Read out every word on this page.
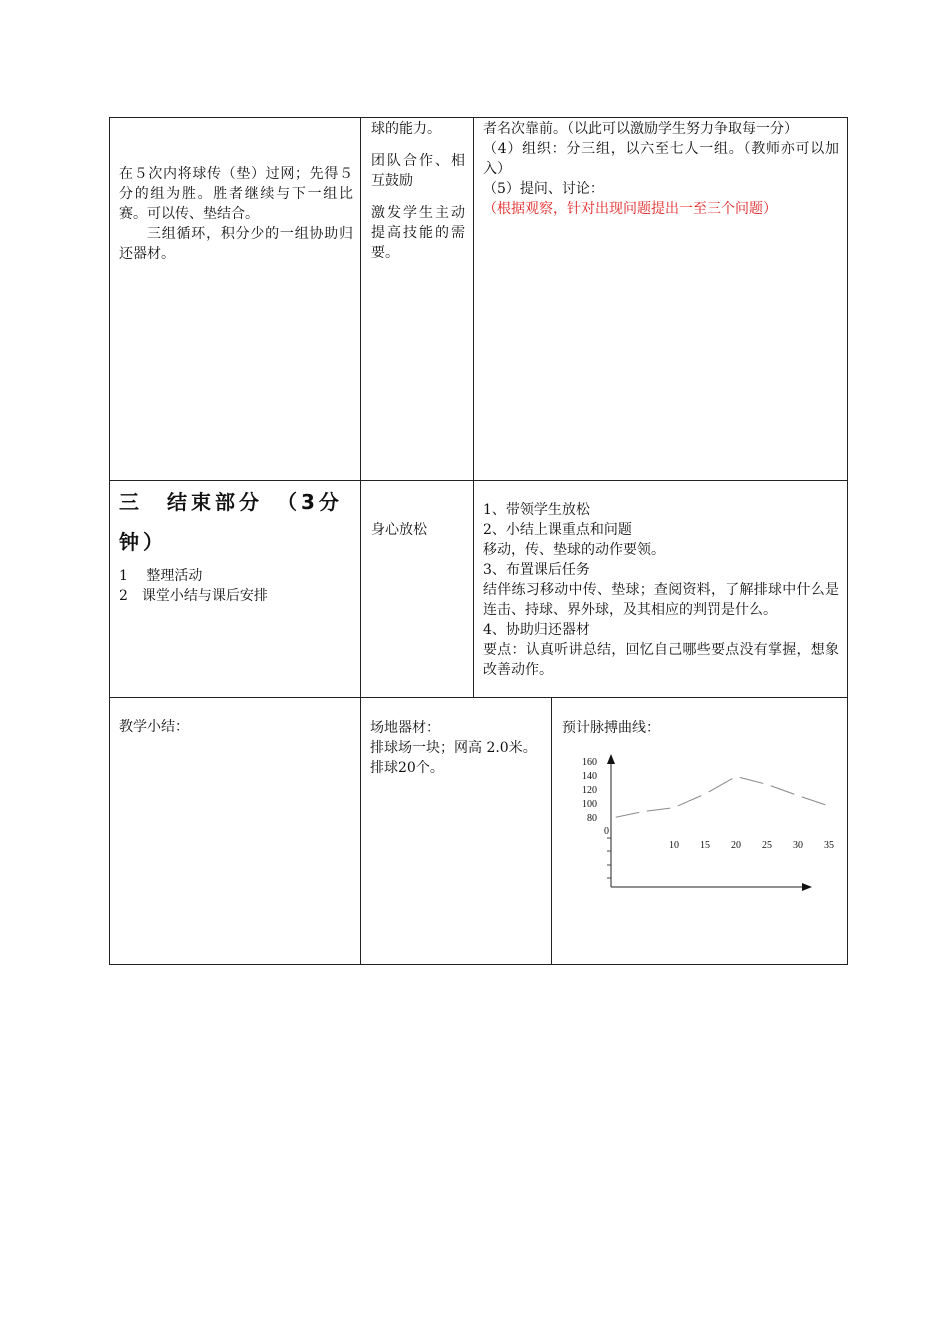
在５次内将球传（垫）过网；先得５分的组为胜。胜者继续与下一组比赛。可以传、垫结合。

三组循环，积分少的一组协助归还器材。

球的能力。

团队合作、相互鼓励

激发学生主动提高技能的需要。

者名次靠前。（以此可以激励学生努力争取每一分）

（4）组织：分三组，以六至七人一组。（教师亦可以加入）

（5）提问、讨论：

（根据观察，针对出现问题提出一至三个问题）

三　结束部分　（3分钟）

1　 整理活动

2　课堂小结与课后安排

身心放松

1、带领学生放松

2、小结上课重点和问题

移动，传、垫球的动作要领。

3、布置课后任务

结伴练习移动中传、垫球；查阅资料，了解排球中什么是连击、持球、界外球，及其相应的判罚是什么。

4、协助归还器材

要点：认真听讲总结，回忆自己哪些要点没有掌握，想象改善动作。

教学小结：	场地器材：

排球场一块；网高 2.0米。

排球20个。

预计脉搏曲线：

160
140
120
100
80
0
10 15 20 25 30 35
